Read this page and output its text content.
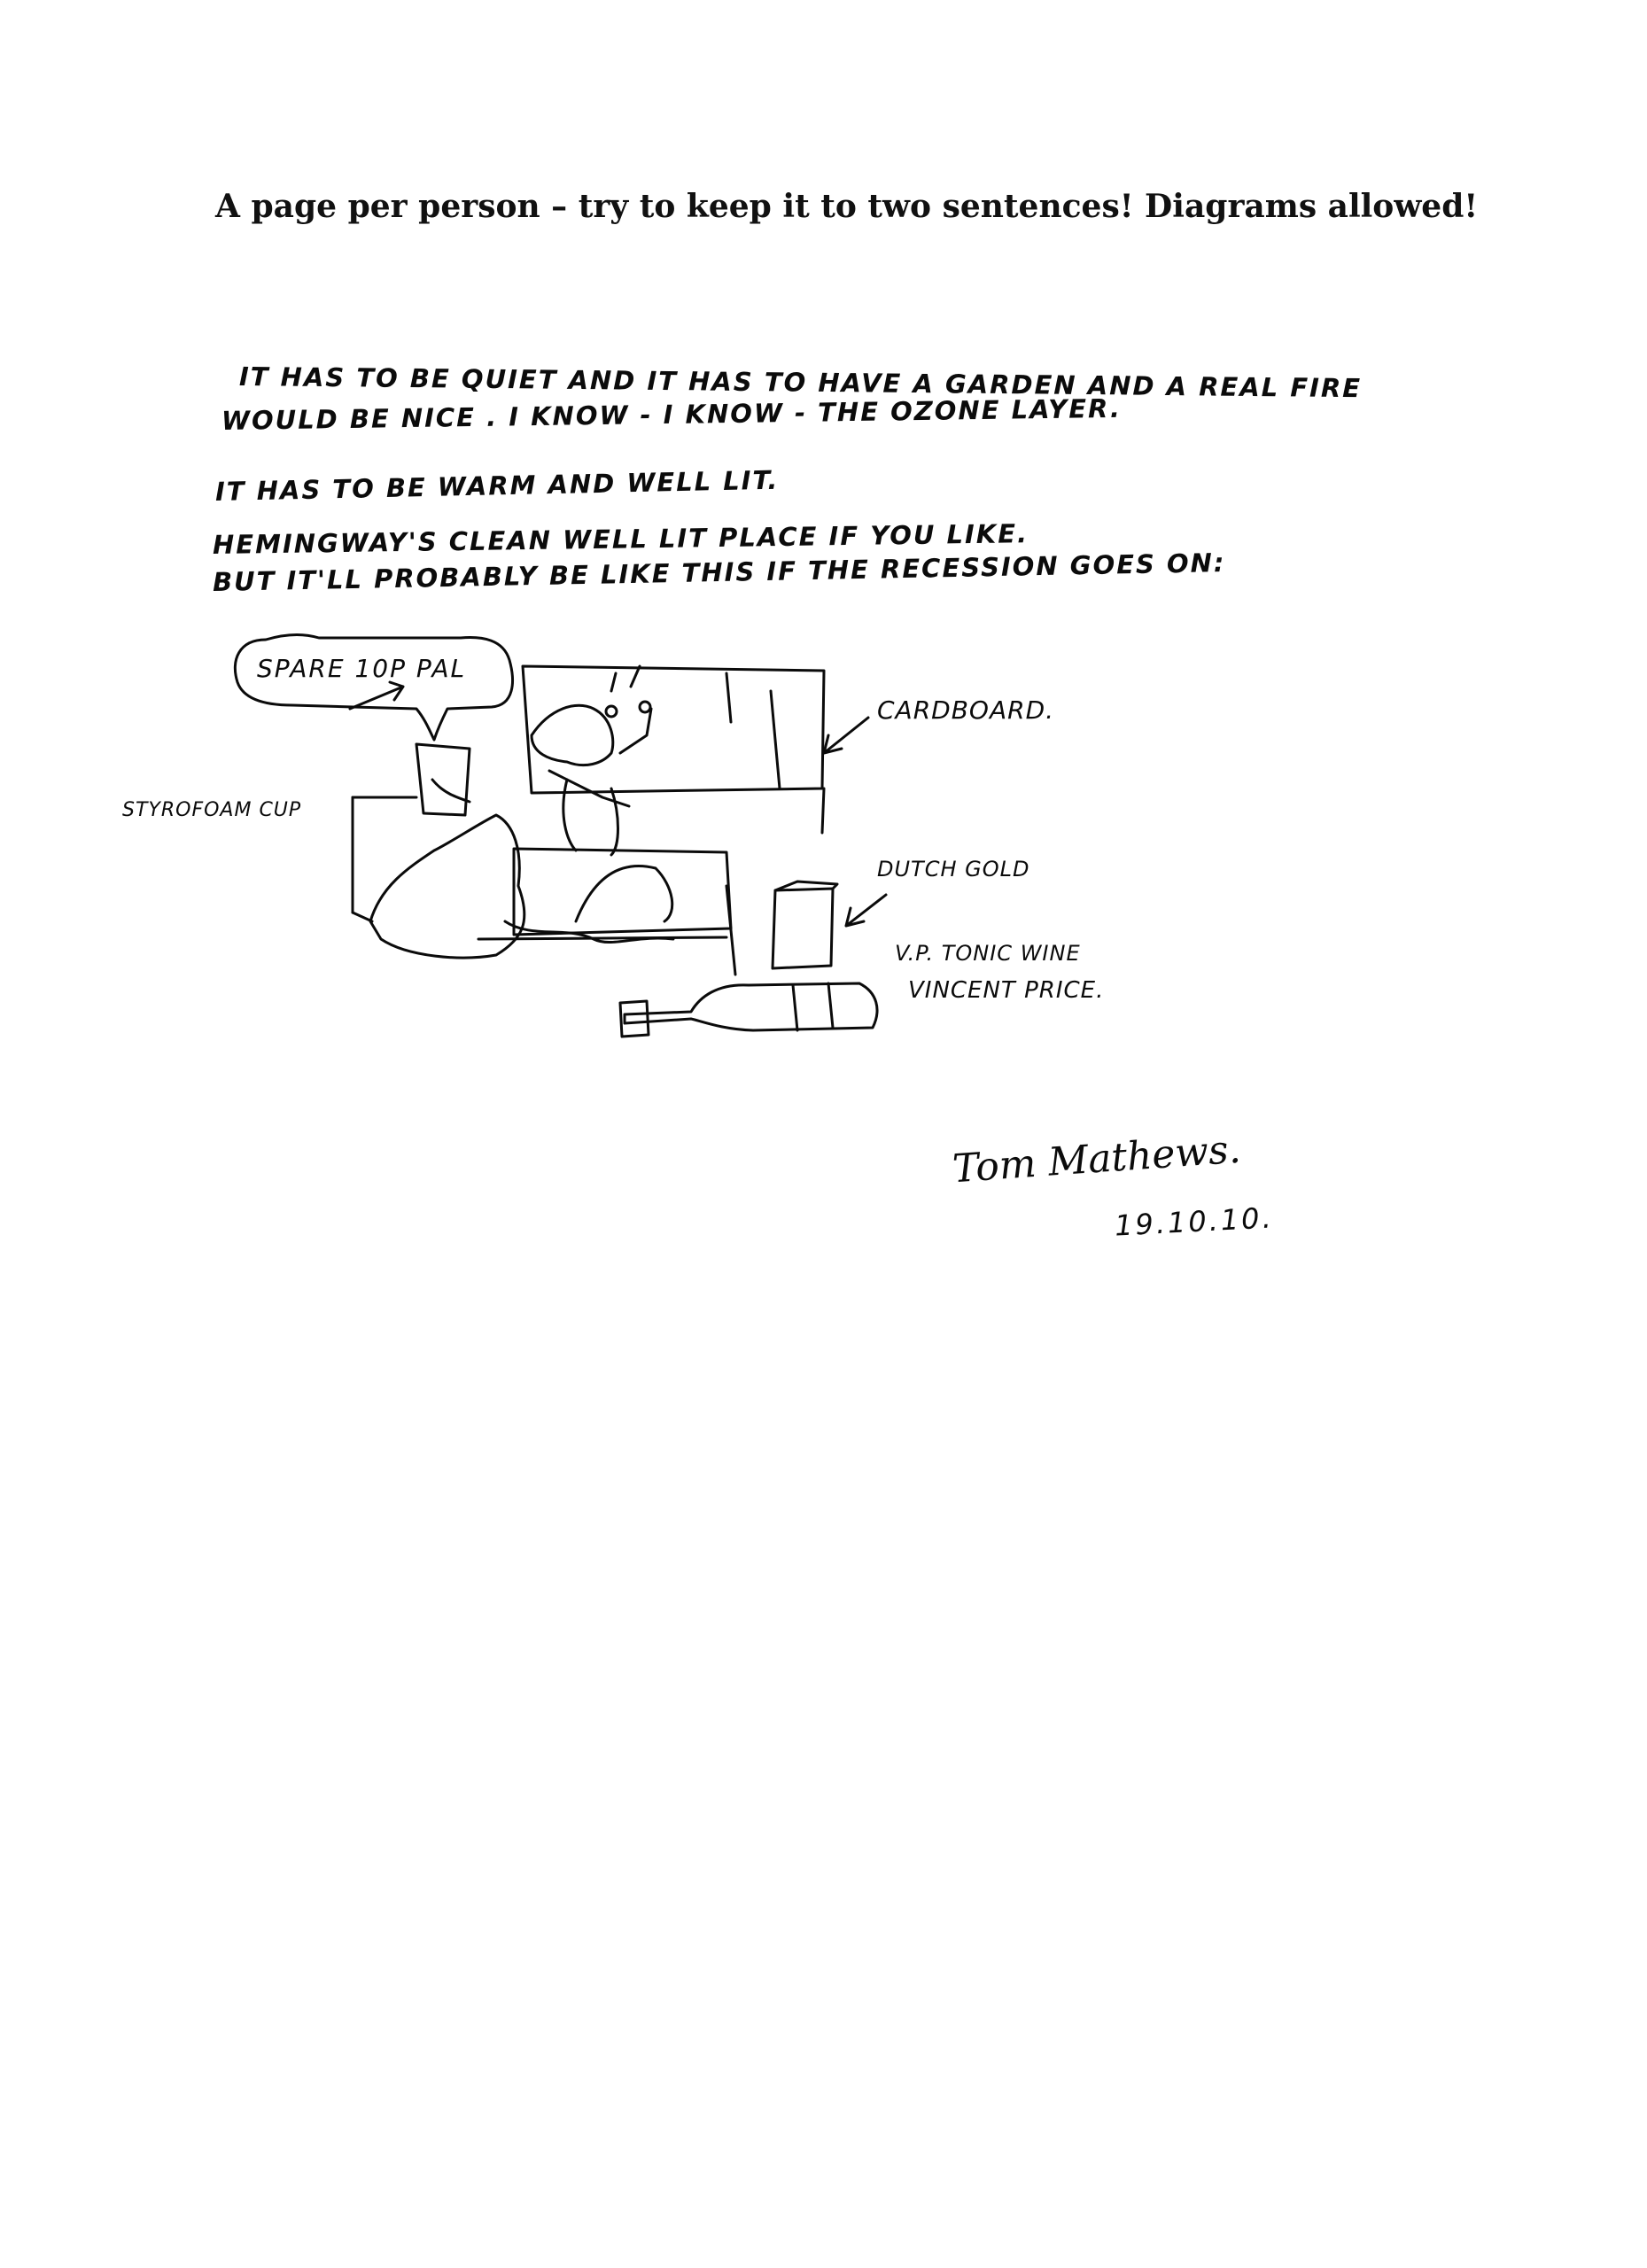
A page per person – try to keep it to two sentences! Diagrams allowed!
IT HAS TO BE QUIET AND IT HAS TO HAVE A GARDEN AND A REAL FIRE
WOULD BE NICE . I KNOW - I KNOW - THE OZONE LAYER.
IT HAS TO BE WARM AND WELL LIT.
HEMINGWAY'S CLEAN WELL LIT PLACE IF YOU LIKE.
BUT IT'LL PROBABLY BE LIKE THIS IF THE RECESSION GOES ON:
SPARE 10P PAL
CARDBOARD.
STYROFOAM CUP
DUTCH GOLD
V.P. TONIC WINE
VINCENT PRICE.
Tom Mathews.
19.10.10.
